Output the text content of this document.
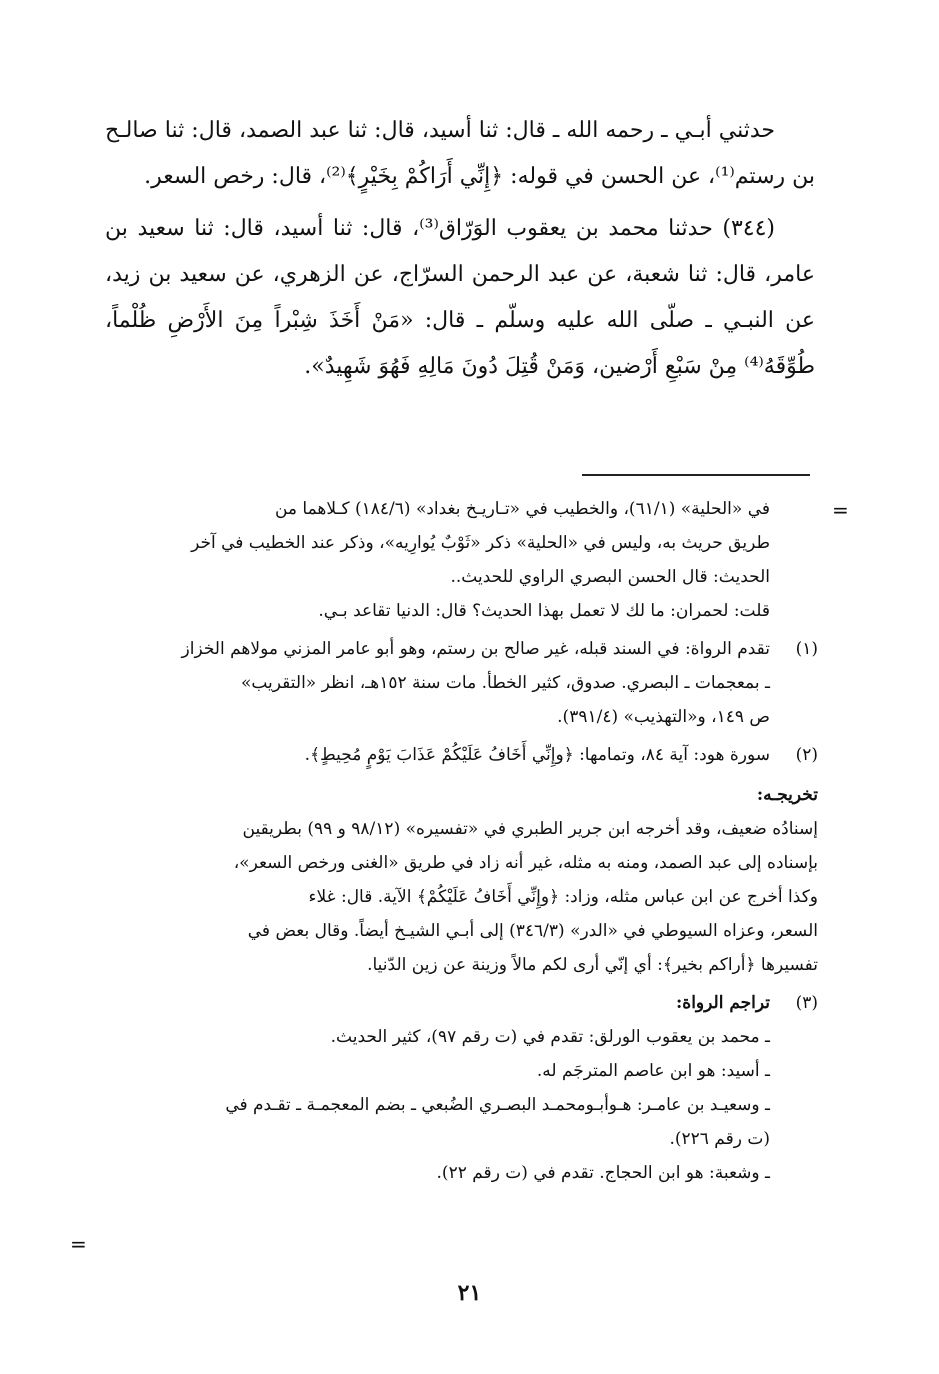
حدثني أبـي ـ رحمه الله ـ قال: ثنا أسيد، قال: ثنا عبد الصمد، قال: ثنا صالـح بن رستم⁽¹⁾، عن الحسن في قوله: ﴿إِنِّي أَرَاكُمْ بِخَيْرٍ﴾⁽²⁾، قال: رخص السعر.

(٣٤٤) حدثنا محمد بن يعقوب الوَرّاق⁽³⁾، قال: ثنا أسيد، قال: ثنا سعيد بن عامر، قال: ثنا شعبة، عن عبد الرحمن السرّاج، عن الزهري، عن سعيد بن زيد، عن النبـي ـ صلّى الله عليه وسلّم ـ قال: «مَنْ أَخَذَ شِبْراً مِنَ الأَرْضِ ظُلْماً، طُوِّقَهُ⁽⁴⁾ مِنْ سَبْعِ أَرْضين، وَمَنْ قُتِلَ دُونَ مَالِهِ فَهُوَ شَهِيدٌ».

=
في «الحلية» (٦١/١)، والخطيب في «تـاريـخ بغداد» (١٨٤/٦) كـلاهما من
طريق حريث به، وليس في «الحلية» ذكر «ثَوْبٌ يُوارِيه»، وذكر عند الخطيب في آخر
الحديث: قال الحسن البصري الراوي للحديث..
قلت: لحمران: ما لك لا تعمل بهذا الحديث؟ قال: الدنيا تقاعد بـي.
(١)
تقدم الرواة: في السند قبله، غير صالح بن رستم، وهو أبو عامر المزني مولاهم الخزاز
ـ بمعجمات ـ البصري. صدوق، كثير الخطأ. مات سنة ١٥٢هـ، انظر «التقريب»
ص ١٤٩، و«التهذيب» (٣٩١/٤).
(٢)
سورة هود: آية ٨٤، وتمامها: ﴿وإِنِّي أَخَافُ عَلَيْكُمْ عَذَابَ يَوْمٍ مُحِيطٍ﴾.
تخريجـه:
إسنادُه ضعيف، وقد أخرجه ابن جرير الطبري في «تفسيره» (٩٨/١٢ و ٩٩) بطريقين
بإسناده إلى عبد الصمد، ومنه به مثله، غير أنه زاد في طريق «الغنى ورخص السعر»،
وكذا أخرج عن ابن عباس مثله، وزاد: ﴿وإِنِّي أَخَافُ عَلَيْكُمْ﴾ الآية. قال: غلاء
السعر، وعزاه السيوطي في «الدر» (٣٤٦/٣) إلى أبـي الشيـخ أيضاً. وقال بعض في
تفسيرها ﴿أراكم بخير﴾: أي إنّي أرى لكم مالاً وزينة عن زين الدّنيا.
(٣)
تراجم الرواة:
ـ محمد بن يعقوب الورلق: تقدم في (ت رقم ٩٧)، كثير الحديث.
ـ أسيد: هو ابن عاصم المترجَم له.
ـ وسعيـد بن عامـر: هـوأبـومحمـد البصـري الضُبعي ـ بضم المعجمـة ـ تقـدم في
(ت رقم ٢٢٦).
ـ وشعبة: هو ابن الحجاج. تقدم في (ت رقم ٢٢).
=
٢١
